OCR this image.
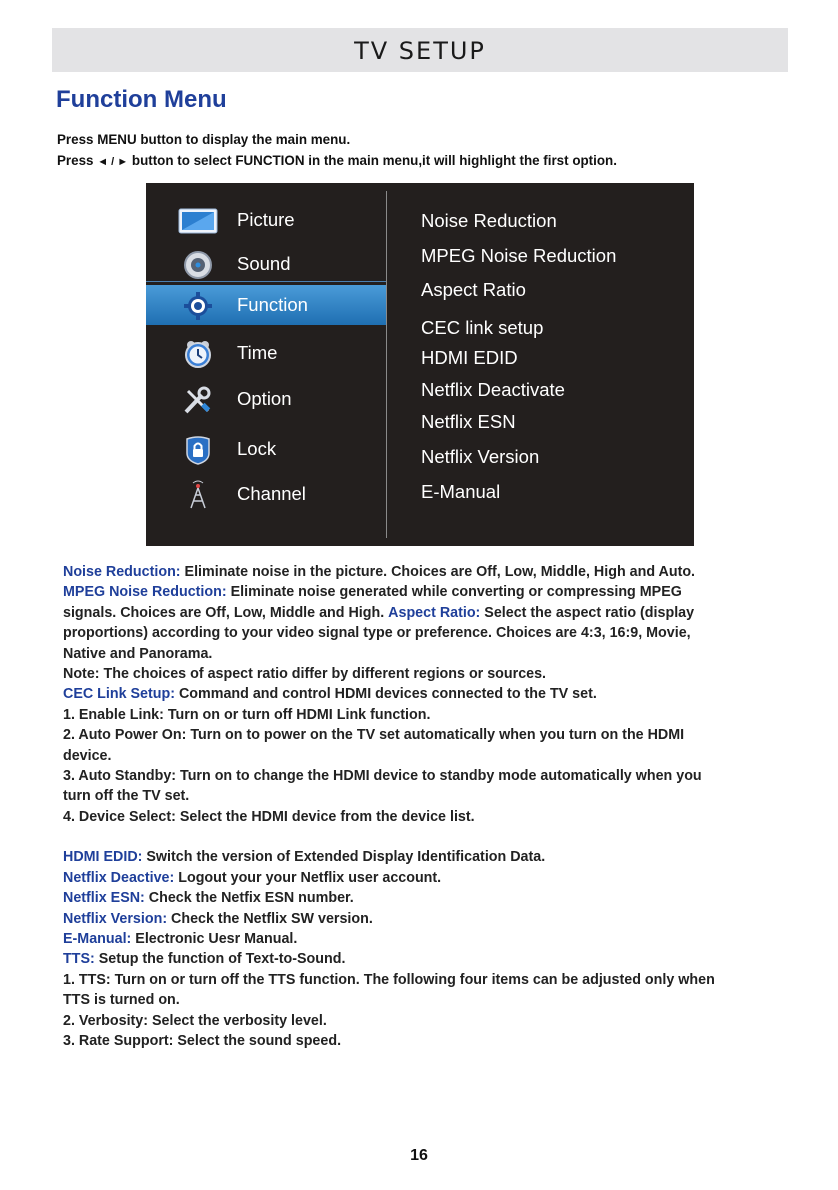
TV SETUP
Function Menu

Press MENU button to display the main menu.

Press ◄ / ► button to select FUNCTION in the main menu,it will highlight the first option.

Picture
Sound
Function
Time
Option
Lock
Channel
Noise Reduction
MPEG Noise Reduction
Aspect Ratio
CEC link setup
HDMI EDID
Netflix Deactivate
Netflix ESN
Netflix Version
E-Manual

Noise Reduction: Eliminate noise in the picture. Choices are Off, Low, Middle, High and Auto.

MPEG Noise Reduction: Eliminate noise generated while converting or compressing MPEG signals. Choices are Off, Low, Middle and High. Aspect Ratio: Select the aspect ratio (display proportions) according to your video signal type or preference. Choices are 4:3, 16:9, Movie, Native and Panorama.

Note: The choices of aspect ratio differ by different regions or sources.

CEC Link Setup: Command and control HDMI devices connected to the TV set.

1. Enable Link: Turn on or turn off HDMI Link function.

2. Auto Power On: Turn on to power on the TV set automatically when you turn on the HDMI device.

3. Auto Standby: Turn on to change the HDMI device to standby mode automatically when you turn off the TV set.

4. Device Select: Select the HDMI device from the device list.

HDMI EDID: Switch the version of Extended Display Identification Data.

Netflix Deactive: Logout your your Netflix user account.

Netflix ESN: Check the Netfix ESN number.

Netflix Version: Check the Netflix SW version.

E-Manual: Electronic Uesr Manual.

TTS: Setup the function of Text-to-Sound.

1. TTS: Turn on or turn off the TTS function. The following four items can be adjusted only when TTS is turned on.

2. Verbosity: Select the verbosity level.

3. Rate Support: Select the sound speed.

16
